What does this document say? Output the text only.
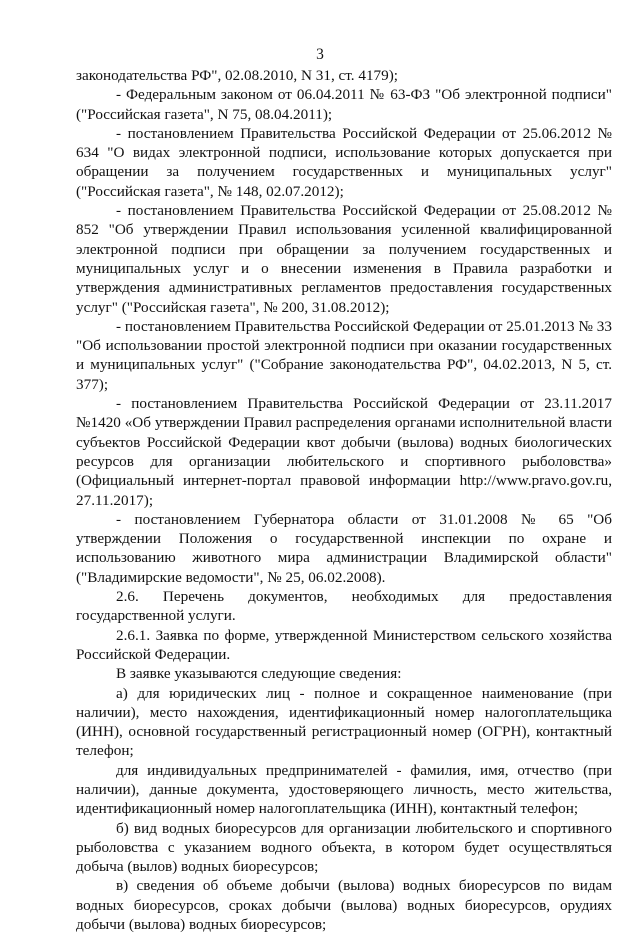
3

законодательства РФ", 02.08.2010, N 31, ст. 4179);

- Федеральным законом от 06.04.2011 № 63-ФЗ "Об электронной подписи" ("Российская газета", N 75, 08.04.2011);

- постановлением Правительства Российской Федерации от 25.06.2012 № 634 "О видах электронной подписи, использование которых допускается при обращении за получением государственных и муниципальных услуг" ("Российская газета", № 148, 02.07.2012);

- постановлением Правительства Российской Федерации от 25.08.2012 № 852 "Об утверждении Правил использования усиленной квалифицированной электронной подписи при обращении за получением государственных и муниципальных услуг и о внесении изменения в Правила разработки и утверждения административных регламентов предоставления государственных услуг" ("Российская газета", № 200, 31.08.2012);

- постановлением Правительства Российской Федерации от 25.01.2013 № 33 "Об использовании простой электронной подписи при оказании государственных и муниципальных услуг" ("Собрание законодательства РФ", 04.02.2013, N 5, ст. 377);

- постановлением Правительства Российской Федерации от 23.11.2017 №1420 «Об утверждении Правил распределения органами исполнительной власти субъектов Российской Федерации квот добычи (вылова) водных биологических ресурсов для организации любительского и спортивного рыболовства» (Официальный интернет-портал правовой информации http://www.pravo.gov.ru, 27.11.2017);

- постановлением Губернатора области от 31.01.2008 № 65 "Об утверждении Положения о государственной инспекции по охране и использованию животного мира администрации Владимирской области" ("Владимирские ведомости", № 25, 06.02.2008).

2.6. Перечень документов, необходимых для предоставления государственной услуги.

2.6.1. Заявка по форме, утвержденной Министерством сельского хозяйства Российской Федерации.

В заявке указываются следующие сведения:

а) для юридических лиц - полное и сокращенное наименование (при наличии), место нахождения, идентификационный номер налогоплательщика (ИНН), основной государственный регистрационный номер (ОГРН), контактный телефон;

для индивидуальных предпринимателей - фамилия, имя, отчество (при наличии), данные документа, удостоверяющего личность, место жительства, идентификационный номер налогоплательщика (ИНН), контактный телефон;

б) вид водных биоресурсов для организации любительского и спортивного рыболовства с указанием водного объекта, в котором будет осуществляться добыча (вылов) водных биоресурсов;

в) сведения об объеме добычи (вылова) водных биоресурсов по видам водных биоресурсов, сроках добычи (вылова) водных биоресурсов, орудиях добычи (вылова) водных биоресурсов;
